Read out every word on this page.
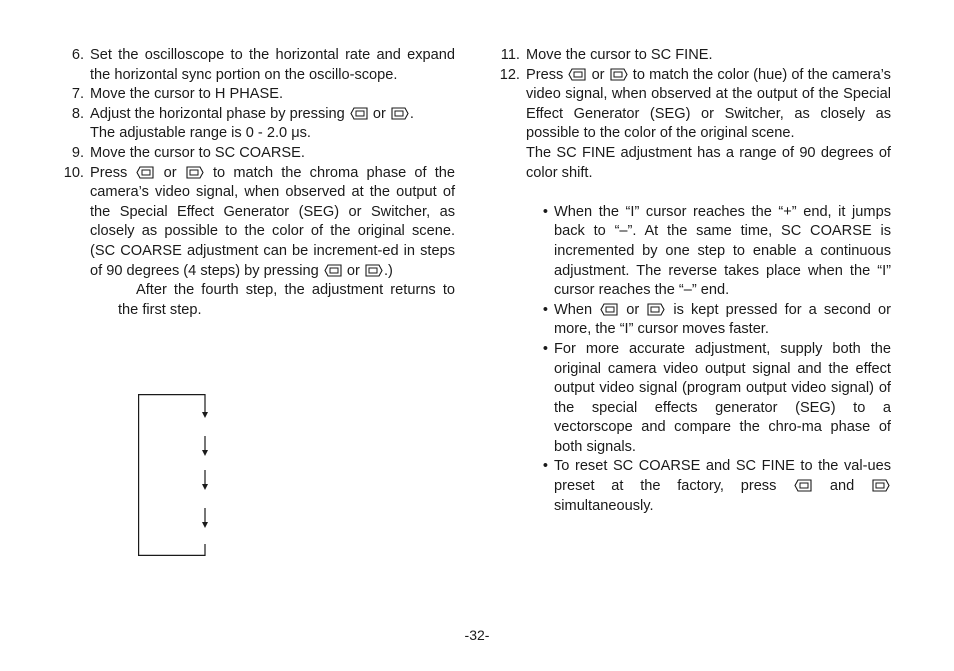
6. Set the oscilloscope to the horizontal rate and expand the horizontal sync portion on the oscillo-scope.
7. Move the cursor to H PHASE.
8. Adjust the horizontal phase by pressing or .
The adjustable range is 0 - 2.0 μs.
9. Move the cursor to SC COARSE.
10. Press or to match the chroma phase of the camera’s video signal, when observed at the output of the Special Effect Generator (SEG) or Switcher, as closely as possible to the color of the original scene. (SC COARSE adjustment can be increment-ed in steps of 90 degrees (4 steps) by pressing or .)
After the fourth step, the adjustment returns to the first step.
11. Move the cursor to SC FINE.
12. Press or to match the color (hue) of the camera’s video signal, when observed at the output of the Special Effect Generator (SEG) or Switcher, as closely as possible to the color of the original scene.
The SC FINE adjustment has a range of 90 degrees of color shift.
• When the “I” cursor reaches the “+” end, it jumps back to “–”. At the same time, SC COARSE is incremented by one step to enable a continuous adjustment. The reverse takes place when the “I” cursor reaches the “–” end.
• When or is kept pressed for a second or more, the “I” cursor moves faster.
• For more accurate adjustment, supply both the original camera video output signal and the effect output video signal (program output video signal) of the special effects generator (SEG) to a vectorscope and compare the chro-ma phase of both signals.
• To reset SC COARSE and SC FINE to the val-ues preset at the factory, press	and
simultaneously.
-32-
